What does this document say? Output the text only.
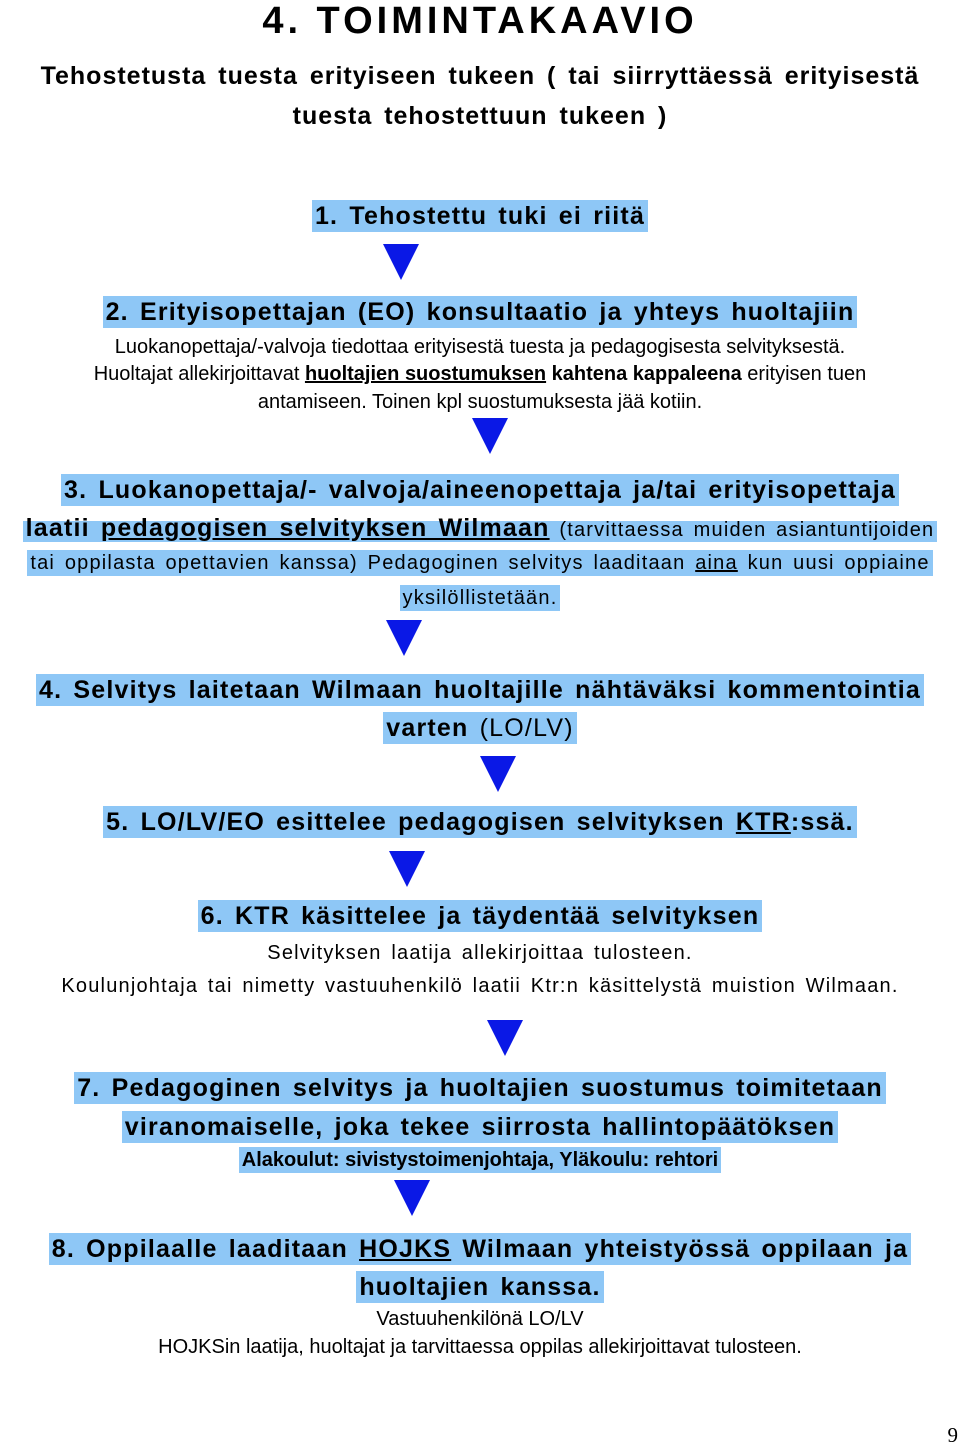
4. TOIMINTAKAAVIO
Tehostetusta tuesta erityiseen tukeen ( tai siirryttäessä erityisestä
tuesta tehostettuun tukeen )
1. Tehostettu tuki ei riitä
2. Erityisopettajan (EO) konsultaatio ja yhteys huoltajiin
Luokanopettaja/-valvoja tiedottaa erityisestä tuesta ja pedagogisesta selvityksestä.
Huoltajat allekirjoittavat huoltajien suostumuksen kahtena kappaleena erityisen tuen
antamiseen. Toinen kpl suostumuksesta jää kotiin.
3. Luokanopettaja/- valvoja/aineenopettaja ja/tai erityisopettaja
laatii pedagogisen selvityksen Wilmaan (tarvittaessa muiden asiantuntijoiden
tai oppilasta opettavien kanssa) Pedagoginen selvitys laaditaan aina kun uusi oppiaine
yksilöllistetään.
4. Selvitys laitetaan Wilmaan huoltajille nähtäväksi kommentointia
varten (LO/LV)
5. LO/LV/EO esittelee pedagogisen selvityksen KTR:ssä.
6. KTR käsittelee ja täydentää selvityksen
Selvityksen laatija allekirjoittaa tulosteen.
Koulunjohtaja tai nimetty vastuuhenkilö laatii Ktr:n käsittelystä muistion Wilmaan.
7. Pedagoginen selvitys ja huoltajien suostumus toimitetaan
viranomaiselle, joka tekee siirrosta hallintopäätöksen
Alakoulut: sivistystoimenjohtaja, Yläkoulu: rehtori
8. Oppilaalle laaditaan HOJKS Wilmaan yhteistyössä oppilaan ja
huoltajien kanssa.
Vastuuhenkilönä LO/LV
HOJKSin laatija, huoltajat ja tarvittaessa oppilas allekirjoittavat tulosteen.
9
